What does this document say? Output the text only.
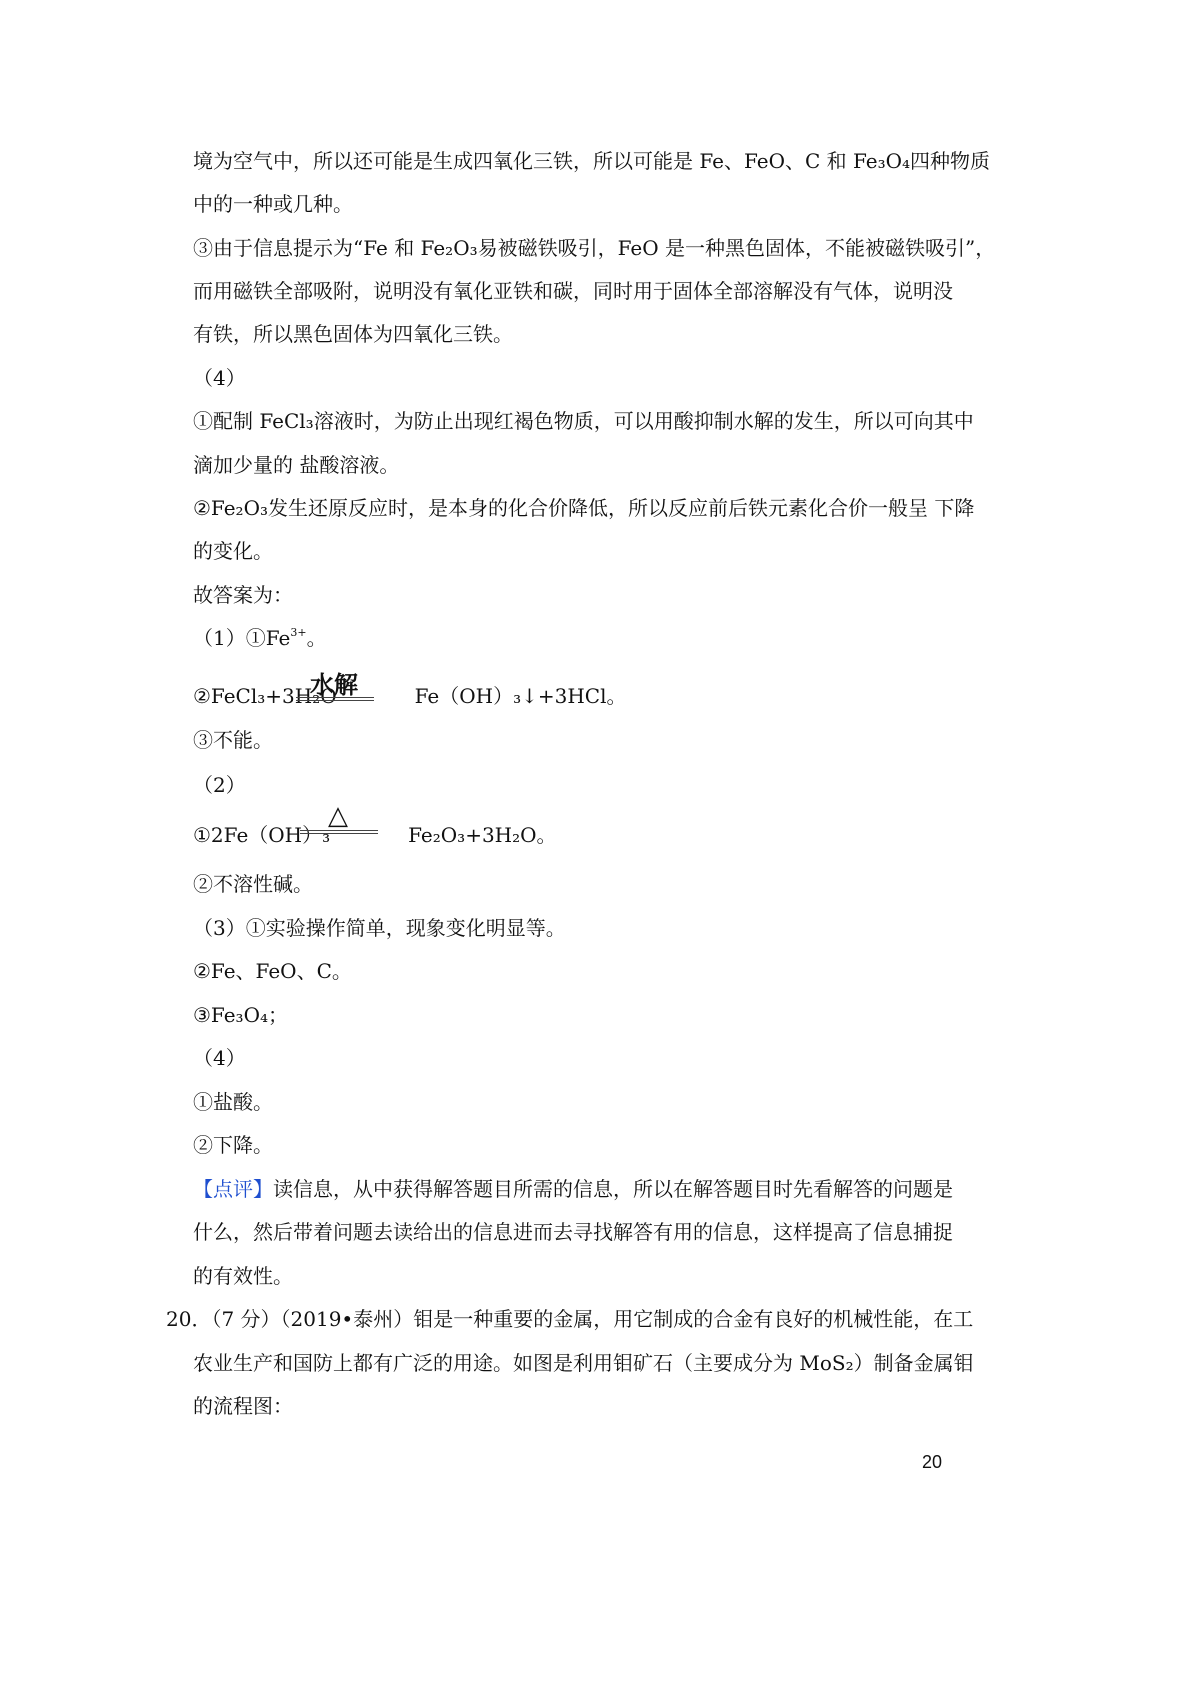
境为空气中，所以还可能是生成四氧化三铁，所以可能是 Fe、FeO、C 和 Fe₃O₄四种物质
中的一种或几种。
③由于信息提示为“Fe 和 Fe₂O₃易被磁铁吸引，FeO 是一种黑色固体，不能被磁铁吸引”，
而用磁铁全部吸附，说明没有氧化亚铁和碳，同时用于固体全部溶解没有气体，说明没
有铁，所以黑色固体为四氧化三铁。
（4）
①配制 FeCl₃溶液时，为防止出现红褐色物质，可以用酸抑制水解的发生，所以可向其中
滴加少量的 盐酸溶液。
②Fe₂O₃发生还原反应时，是本身的化合价降低，所以反应前后铁元素化合价一般呈 下降
的变化。
故答案为：
$(1)①Fe^{3+}$。
②FeCl₃+3H₂O	Fe（OH）₃↓+3HCl。
水解
③不能。
（2）
①2Fe（OH）₃	Fe₂O₃+3H₂O。
△
②不溶性碱。
（3）①实验操作简单，现象变化明显等。
②Fe、FeO、C。
③Fe₃O₄；
（4）
①盐酸。
②下降。
【点评】读信息，从中获得解答题目所需的信息，所以在解答题目时先看解答的问题是
什么，然后带着问题去读给出的信息进而去寻找解答有用的信息，这样提高了信息捕捉
的有效性。
20．（7 分）（2019•泰州）钼是一种重要的金属，用它制成的合金有良好的机械性能，在工
农业生产和国防上都有广泛的用途。如图是利用钼矿石（主要成分为 MoS₂）制备金属钼
的流程图：
20
